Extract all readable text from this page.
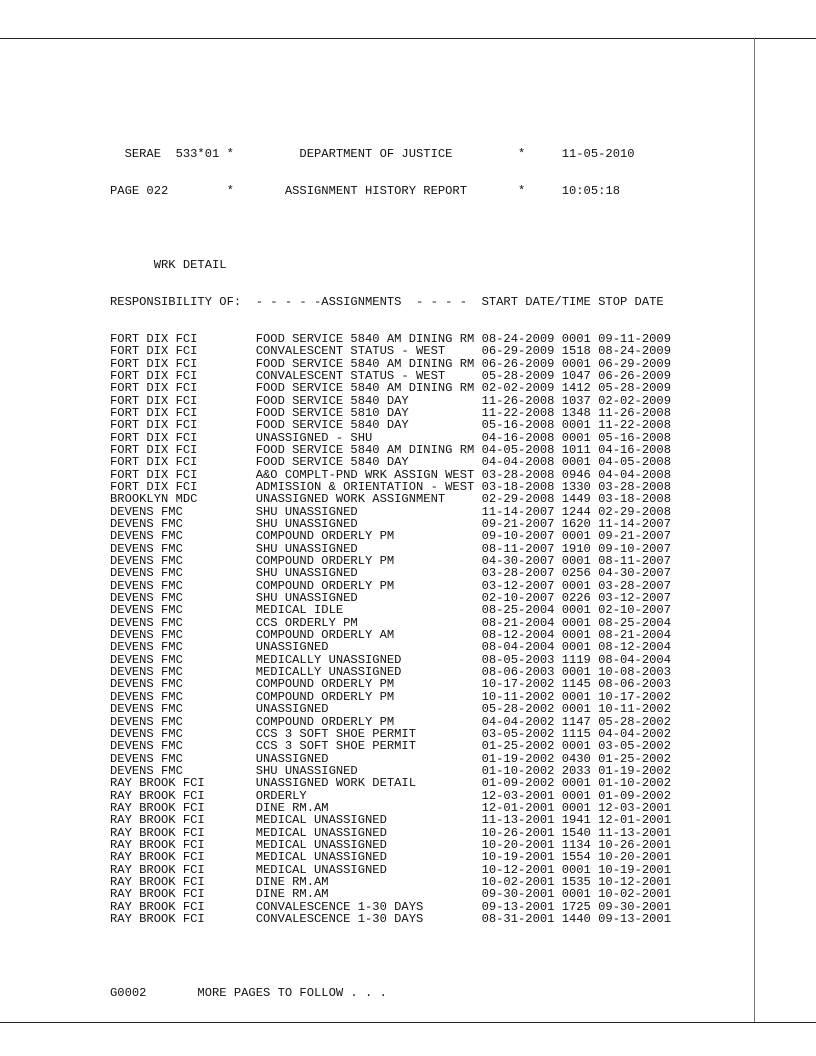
SERAE  533*01 *         DEPARTMENT OF JUSTICE         *     11-05-2010

PAGE 022        *       ASSIGNMENT HISTORY REPORT       *     10:05:18

WRK DETAIL

RESPONSIBILITY OF:  - - - - -ASSIGNMENTS  - - - -  START DATE/TIME STOP DATE

FORT DIX FCI        FOOD SERVICE 5840 AM DINING RM 08-24-2009 0001 09-11-2009
FORT DIX FCI        CONVALESCENT STATUS - WEST     06-29-2009 1518 08-24-2009
FORT DIX FCI        FOOD SERVICE 5840 AM DINING RM 06-26-2009 0001 06-29-2009
FORT DIX FCI        CONVALESCENT STATUS - WEST     05-28-2009 1047 06-26-2009
FORT DIX FCI        FOOD SERVICE 5840 AM DINING RM 02-02-2009 1412 05-28-2009
FORT DIX FCI        FOOD SERVICE 5840 DAY          11-26-2008 1037 02-02-2009
FORT DIX FCI        FOOD SERVICE 5810 DAY          11-22-2008 1348 11-26-2008
FORT DIX FCI        FOOD SERVICE 5840 DAY          05-16-2008 0001 11-22-2008
FORT DIX FCI        UNASSIGNED - SHU               04-16-2008 0001 05-16-2008
FORT DIX FCI        FOOD SERVICE 5840 AM DINING RM 04-05-2008 1011 04-16-2008
FORT DIX FCI        FOOD SERVICE 5840 DAY          04-04-2008 0001 04-05-2008
FORT DIX FCI        A&O COMPLT-PND WRK ASSIGN WEST 03-28-2008 0946 04-04-2008
FORT DIX FCI        ADMISSION & ORIENTATION - WEST 03-18-2008 1330 03-28-2008
BROOKLYN MDC        UNASSIGNED WORK ASSIGNMENT     02-29-2008 1449 03-18-2008
DEVENS FMC          SHU UNASSIGNED                 11-14-2007 1244 02-29-2008
DEVENS FMC          SHU UNASSIGNED                 09-21-2007 1620 11-14-2007
DEVENS FMC          COMPOUND ORDERLY PM            09-10-2007 0001 09-21-2007
DEVENS FMC          SHU UNASSIGNED                 08-11-2007 1910 09-10-2007
DEVENS FMC          COMPOUND ORDERLY PM            04-30-2007 0001 08-11-2007
DEVENS FMC          SHU UNASSIGNED                 03-28-2007 0256 04-30-2007
DEVENS FMC          COMPOUND ORDERLY PM            03-12-2007 0001 03-28-2007
DEVENS FMC          SHU UNASSIGNED                 02-10-2007 0226 03-12-2007
DEVENS FMC          MEDICAL IDLE                   08-25-2004 0001 02-10-2007
DEVENS FMC          CCS ORDERLY PM                 08-21-2004 0001 08-25-2004
DEVENS FMC          COMPOUND ORDERLY AM            08-12-2004 0001 08-21-2004
DEVENS FMC          UNASSIGNED                     08-04-2004 0001 08-12-2004
DEVENS FMC          MEDICALLY UNASSIGNED           08-05-2003 1119 08-04-2004
DEVENS FMC          MEDICALLY UNASSIGNED           08-06-2003 0001 10-08-2003
DEVENS FMC          COMPOUND ORDERLY PM            10-17-2002 1145 08-06-2003
DEVENS FMC          COMPOUND ORDERLY PM            10-11-2002 0001 10-17-2002
DEVENS FMC          UNASSIGNED                     05-28-2002 0001 10-11-2002
DEVENS FMC          COMPOUND ORDERLY PM            04-04-2002 1147 05-28-2002
DEVENS FMC          CCS 3 SOFT SHOE PERMIT         03-05-2002 1115 04-04-2002
DEVENS FMC          CCS 3 SOFT SHOE PERMIT         01-25-2002 0001 03-05-2002
DEVENS FMC          UNASSIGNED                     01-19-2002 0430 01-25-2002
DEVENS FMC          SHU UNASSIGNED                 01-10-2002 2033 01-19-2002
RAY BROOK FCI       UNASSIGNED WORK DETAIL         01-09-2002 0001 01-10-2002
RAY BROOK FCI       ORDERLY                        12-03-2001 0001 01-09-2002
RAY BROOK FCI       DINE RM.AM                     12-01-2001 0001 12-03-2001
RAY BROOK FCI       MEDICAL UNASSIGNED             11-13-2001 1941 12-01-2001
RAY BROOK FCI       MEDICAL UNASSIGNED             10-26-2001 1540 11-13-2001
RAY BROOK FCI       MEDICAL UNASSIGNED             10-20-2001 1134 10-26-2001
RAY BROOK FCI       MEDICAL UNASSIGNED             10-19-2001 1554 10-20-2001
RAY BROOK FCI       MEDICAL UNASSIGNED             10-12-2001 0001 10-19-2001
RAY BROOK FCI       DINE RM.AM                     10-02-2001 1535 10-12-2001
RAY BROOK FCI       DINE RM.AM                     09-30-2001 0001 10-02-2001
RAY BROOK FCI       CONVALESCENCE 1-30 DAYS        09-13-2001 1725 09-30-2001
RAY BROOK FCI       CONVALESCENCE 1-30 DAYS        08-31-2001 1440 09-13-2001

G0002       MORE PAGES TO FOLLOW . . .
